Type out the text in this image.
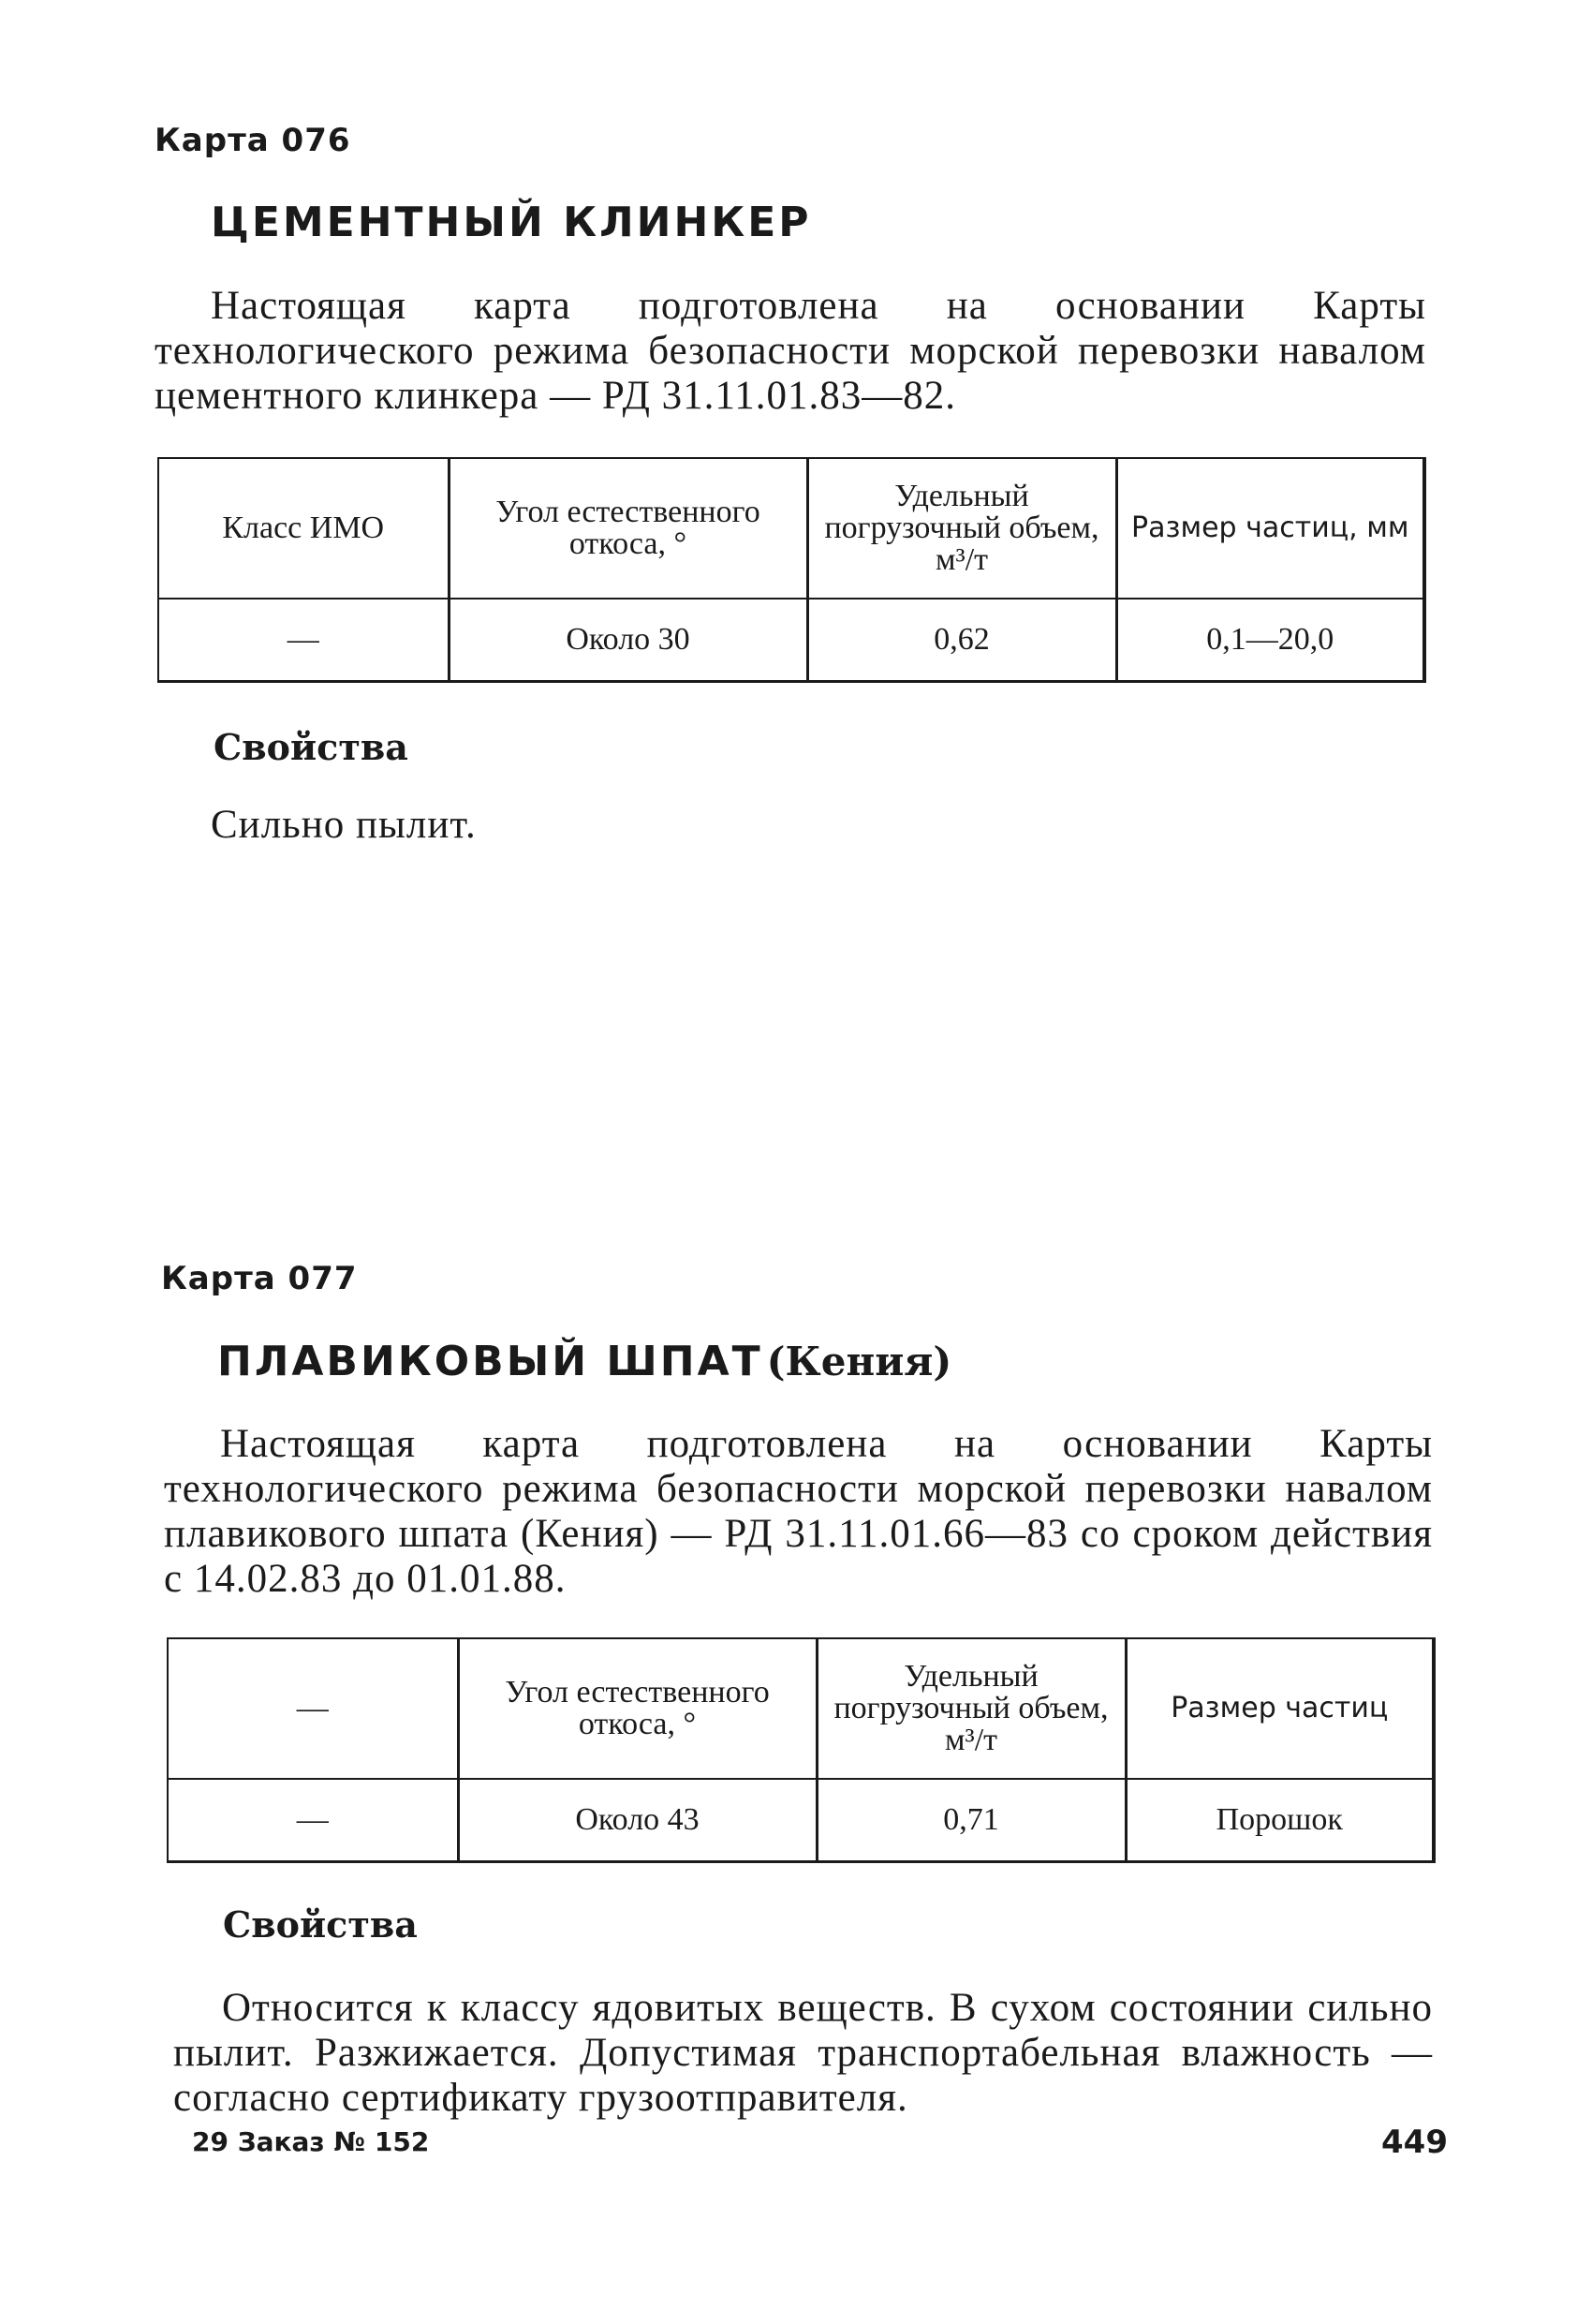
Карта 076
ЦЕМЕНТНЫЙ КЛИНКЕР
Настоящая карта подготовлена на основании Карты технологического режима безопасности морской перевозки навалом цементного клинкера — РД 31.11.01.83—82.
Класс ИМО	Угол естественного откоса, °	Удельный погрузочный объем, м³/т	Размер частиц, мм
—	Около 30	0,62	0,1—20,0
Свойства
Сильно пылит.
Карта 077
ПЛАВИКОВЫЙ ШПАТ (Кения)
Настоящая карта подготовлена на основании Карты технологического режима безопасности морской перевозки навалом плавикового шпата (Кения) — РД 31.11.01.66—83 со сроком действия с 14.02.83 до 01.01.88.
—	Угол естественного откоса, °	Удельный погрузочный объем, м³/т	Размер частиц
—	Около 43	0,71	Порошок
Свойства
Относится к классу ядовитых веществ. В сухом состоянии сильно пылит. Разжижается. Допустимая транспортабельная влажность — согласно сертификату грузоотправителя.
29 Заказ № 152	449
